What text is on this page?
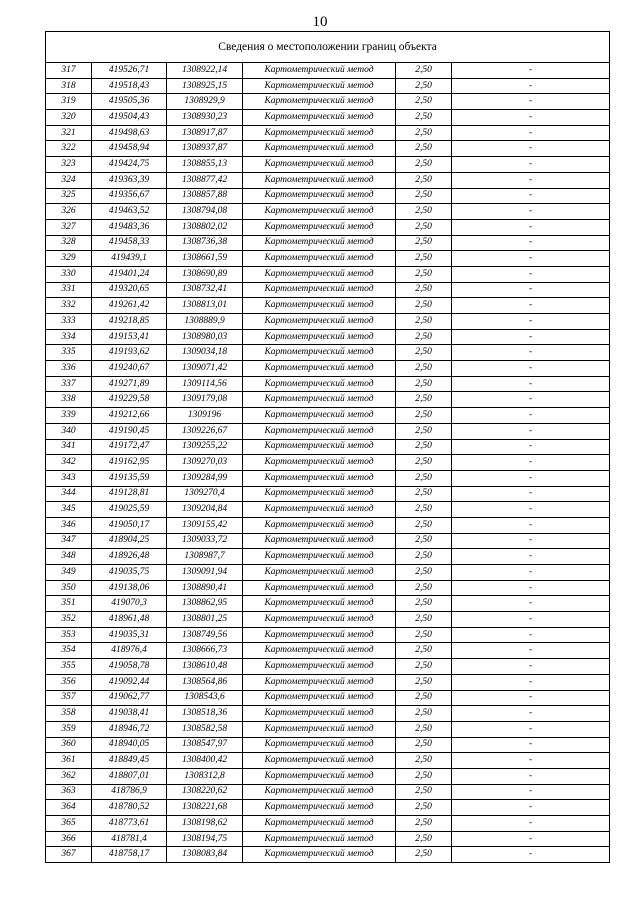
10
Сведения о местоположении границ объекта					
317	419526,71	1308922,14	Картометрический метод	2,50	-
318	419518,43	1308925,15	Картометрический метод	2,50	-
319	419505,36	1308929,9	Картометрический метод	2,50	-
320	419504,43	1308930,23	Картометрический метод	2,50	-
321	419498,63	1308917,87	Картометрический метод	2,50	-
322	419458,94	1308937,87	Картометрический метод	2,50	-
323	419424,75	1308855,13	Картометрический метод	2,50	-
324	419363,39	1308877,42	Картометрический метод	2,50	-
325	419356,67	1308857,88	Картометрический метод	2,50	-
326	419463,52	1308794,08	Картометрический метод	2,50	-
327	419483,36	1308802,02	Картометрический метод	2,50	-
328	419458,33	1308736,38	Картометрический метод	2,50	-
329	419439,1	1308661,59	Картометрический метод	2,50	-
330	419401,24	1308690,89	Картометрический метод	2,50	-
331	419320,65	1308732,41	Картометрический метод	2,50	-
332	419261,42	1308813,01	Картометрический метод	2,50	-
333	419218,85	1308889,9	Картометрический метод	2,50	-
334	419153,41	1308980,03	Картометрический метод	2,50	-
335	419193,62	1309034,18	Картометрический метод	2,50	-
336	419240,67	1309071,42	Картометрический метод	2,50	-
337	419271,89	1309114,56	Картометрический метод	2,50	-
338	419229,58	1309179,08	Картометрический метод	2,50	-
339	419212,66	1309196	Картометрический метод	2,50	-
340	419190,45	1309226,67	Картометрический метод	2,50	-
341	419172,47	1309255,22	Картометрический метод	2,50	-
342	419162,95	1309270,03	Картометрический метод	2,50	-
343	419135,59	1309284,99	Картометрический метод	2,50	-
344	419128,81	1309270,4	Картометрический метод	2,50	-
345	419025,59	1309204,84	Картометрический метод	2,50	-
346	419050,17	1309155,42	Картометрический метод	2,50	-
347	418904,25	1309033,72	Картометрический метод	2,50	-
348	418926,48	1308987,7	Картометрический метод	2,50	-
349	419035,75	1309091,94	Картометрический метод	2,50	-
350	419138,06	1308890,41	Картометрический метод	2,50	-
351	419070,3	1308862,95	Картометрический метод	2,50	-
352	418961,48	1308801,25	Картометрический метод	2,50	-
353	419035,31	1308749,56	Картометрический метод	2,50	-
354	418976,4	1308666,73	Картометрический метод	2,50	-
355	419058,78	1308610,48	Картометрический метод	2,50	-
356	419092,44	1308564,86	Картометрический метод	2,50	-
357	419062,77	1308543,6	Картометрический метод	2,50	-
358	419038,41	1308518,36	Картометрический метод	2,50	-
359	418946,72	1308582,58	Картометрический метод	2,50	-
360	418940,05	1308547,97	Картометрический метод	2,50	-
361	418849,45	1308400,42	Картометрический метод	2,50	-
362	418807,01	1308312,8	Картометрический метод	2,50	-
363	418786,9	1308220,62	Картометрический метод	2,50	-
364	418780,52	1308221,68	Картометрический метод	2,50	-
365	418773,61	1308198,62	Картометрический метод	2,50	-
366	418781,4	1308194,75	Картометрический метод	2,50	-
367	418758,17	1308083,84	Картометрический метод	2,50	-
